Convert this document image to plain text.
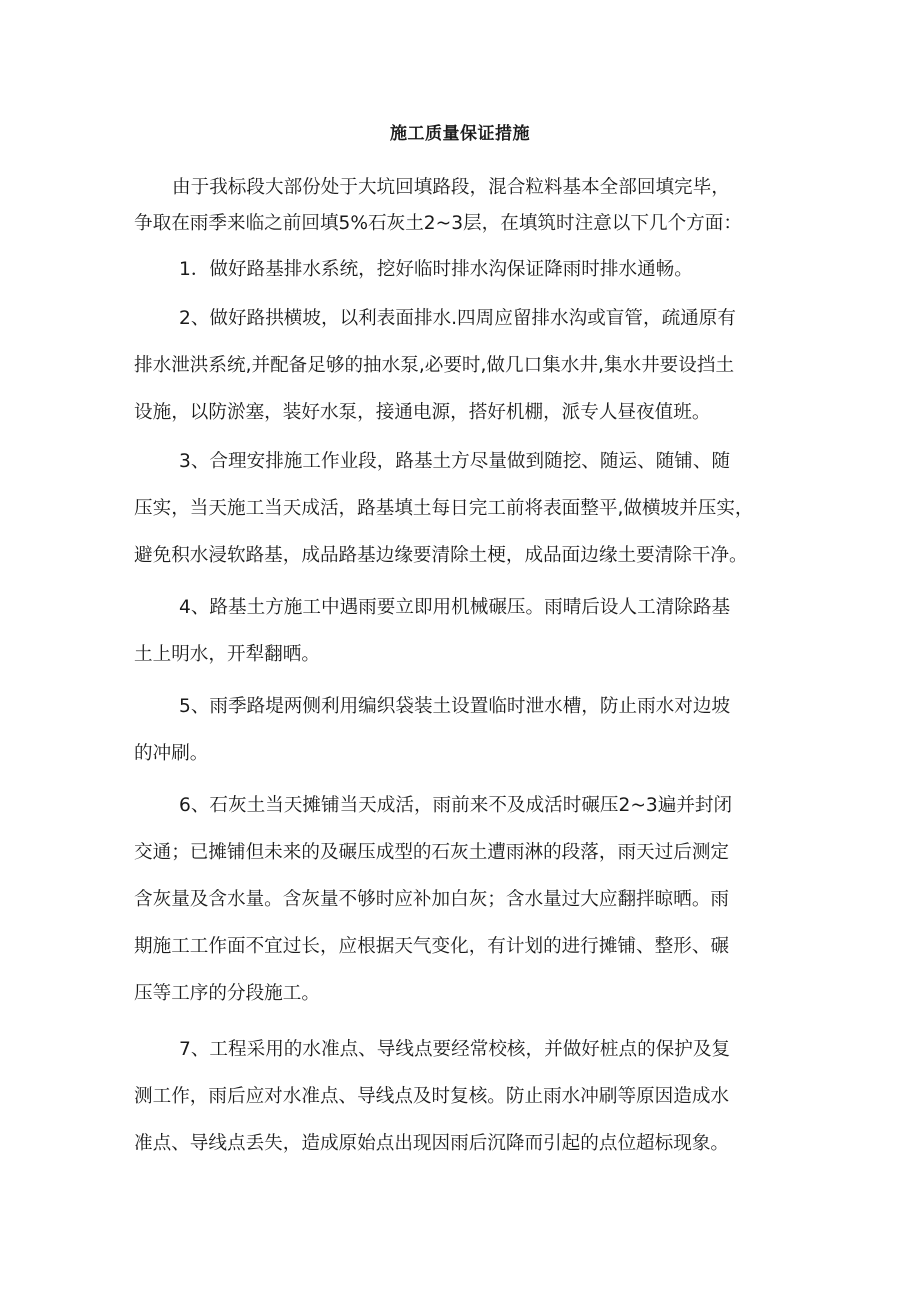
施工质量保证措施
由于我标段大部份处于大坑回填路段，混合粒料基本全部回填完毕，
争取在雨季来临之前回填5%石灰土2~3层，在填筑时注意以下几个方面：
1．做好路基排水系统，挖好临时排水沟保证降雨时排水通畅。
2、做好路拱横坡，以利表面排水.四周应留排水沟或盲管，疏通原有
排水泄洪系统,并配备足够的抽水泵,必要时,做几口集水井,集水井要设挡土
设施，以防淤塞，装好水泵，接通电源，搭好机棚，派专人昼夜值班。
3、合理安排施工作业段，路基土方尽量做到随挖、随运、随铺、随
压实，当天施工当天成活，路基填土每日完工前将表面整平,做横坡并压实，
避免积水浸软路基，成品路基边缘要清除土梗，成品面边缘土要清除干净。
4、路基土方施工中遇雨要立即用机械碾压。雨晴后设人工清除路基
土上明水，开犁翻晒。
5、雨季路堤两侧利用编织袋装土设置临时泄水槽，防止雨水对边坡
的冲刷。
6、石灰土当天摊铺当天成活，雨前来不及成活时碾压2~3遍并封闭
交通；已摊铺但未来的及碾压成型的石灰土遭雨淋的段落，雨天过后测定
含灰量及含水量。含灰量不够时应补加白灰；含水量过大应翻拌晾晒。雨
期施工工作面不宜过长，应根据天气变化，有计划的进行摊铺、整形、碾
压等工序的分段施工。
7、工程采用的水准点、导线点要经常校核，并做好桩点的保护及复
测工作，雨后应对水准点、导线点及时复核。防止雨水冲刷等原因造成水
准点、导线点丢失，造成原始点出现因雨后沉降而引起的点位超标现象。
